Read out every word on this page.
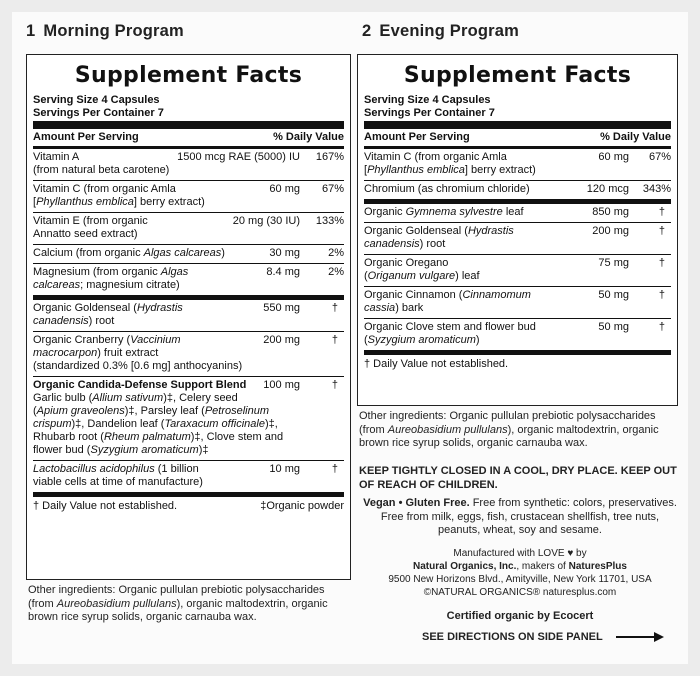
1 Morning Program	2 Evening Program
Supplement Facts
Serving Size 4 Capsules
Servings Per Container 7
Amount Per Serving	% Daily Value
Vitamin A
(from natural beta carotene)
1500 mcg RAE (5000) IU 167%
Vitamin C (from organic Amla
[Phyllanthus emblica] berry extract)
60 mg 67%
Vitamin E (from organic
Annatto seed extract)
20 mg (30 IU) 133%
Calcium (from organic Algas calcareas)	30 mg	2%
Magnesium (from organic Algas
calcareas; magnesium citrate)
8.4 mg	2%
Organic Goldenseal (Hydrastis
canadensis) root
550 mg	†
Organic Cranberry (Vaccinium
macrocarpon) fruit extract
(standardized 0.3% [0.6 mg] anthocyanins)
200 mg	†
Organic Candida-Defense Support Blend
Garlic bulb (Allium sativum)‡, Celery seed
(Apium graveolens)‡, Parsley leaf (Petroselinum
crispum)‡, Dandelion leaf (Taraxacum officinale)‡,
Rhubarb root (Rheum palmatum)‡, Clove stem and
flower bud (Syzygium aromaticum)‡
100 mg	†
Lactobacillus acidophilus (1 billion
viable cells at time of manufacture)
10 mg	†
† Daily Value not established.	‡Organic powder
Other ingredients: Organic pullulan prebiotic polysaccharides (from Aureobasidium pullulans), organic maltodextrin, organic brown rice syrup solids, organic carnauba wax.
Supplement Facts
Serving Size 4 Capsules
Servings Per Container 7
Amount Per Serving	% Daily Value
Vitamin C (from organic Amla
[Phyllanthus emblica] berry extract)
60 mg 67%
Chromium (as chromium chloride)	120 mcg 343%
Organic Gymnema sylvestre leaf	850 mg	†
Organic Goldenseal (Hydrastis
canadensis) root
200 mg	†
Organic Oregano
(Origanum vulgare) leaf
75 mg	†
Organic Cinnamon (Cinnamomum
cassia) bark
50 mg	†
Organic Clove stem and flower bud
(Syzygium aromaticum)
50 mg	†
† Daily Value not established.
Other ingredients: Organic pullulan prebiotic polysaccharides (from Aureobasidium pullulans), organic maltodextrin, organic brown rice syrup solids, organic carnauba wax.
KEEP TIGHTLY CLOSED IN A COOL, DRY PLACE. KEEP OUT OF REACH OF CHILDREN.
Vegan • Gluten Free. Free from synthetic: colors, preservatives. Free from milk, eggs, fish, crustacean shellfish, tree nuts, peanuts, wheat, soy and sesame.
Manufactured with LOVE ♥ by
Natural Organics, Inc., makers of NaturesPlus
9500 New Horizons Blvd., Amityville, New York 11701, USA
©NATURAL ORGANICS® naturesplus.com
Certified organic by Ecocert
SEE DIRECTIONS ON SIDE PANEL
